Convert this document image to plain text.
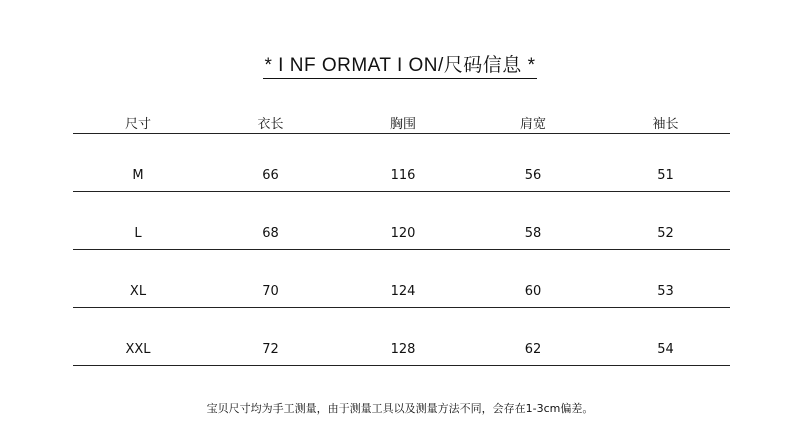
* I NF ORMAT I ON/尺码信息 *
尺寸	衣长	胸围	肩宽	袖长
M	66	116	56	51
L	68	120	58	52
XL	70	124	60	53
XXL	72	128	62	54
宝贝尺寸均为手工测量，由于测量工具以及测量方法不同，会存在1-3cm偏差。
